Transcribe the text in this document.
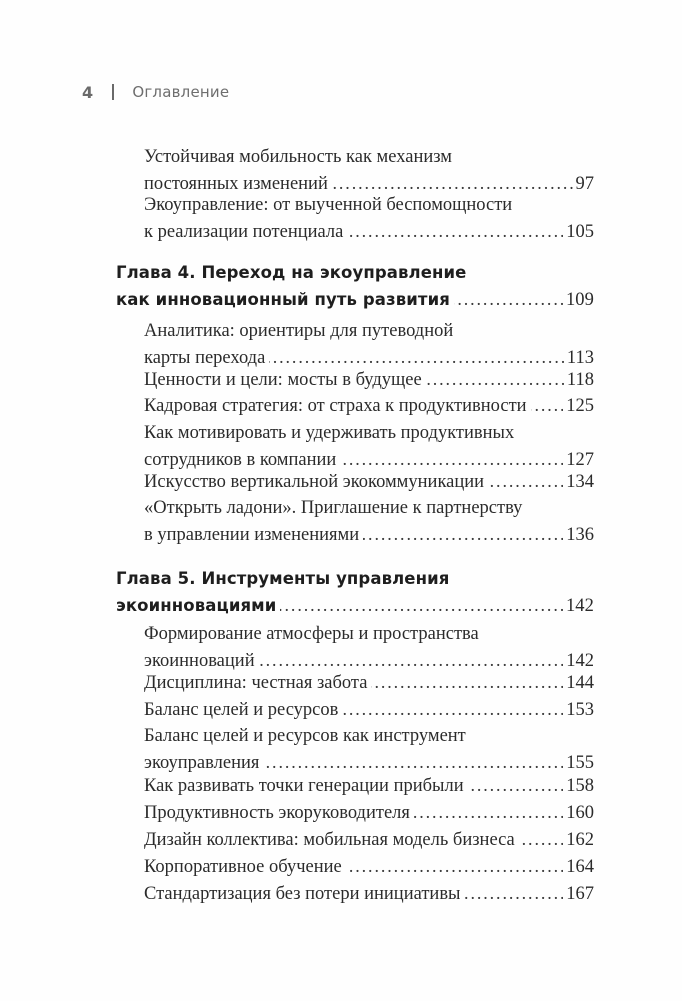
4	Оглавление
Устойчивая мобильность как механизм
постоянных изменений . . .	97
Экоуправление: от выученной беспомощности
к реализации потенциала . . .	105
Глава 4. Переход на экоуправление
как инновационный путь развития . . .	109
Аналитика: ориентиры для путеводной
карты перехода . . .	113
Ценности и цели: мосты в будущее . . .	118
Кадровая стратегия: от страха к продуктивности . . . 125
Как мотивировать и удерживать продуктивных
сотрудников в компании . . .	127
Искусство вертикальной экокоммуникации . . .	134
«Открыть ладони». Приглашение к партнерству
в управлении изменениями . . .	136
Глава 5. Инструменты управления
экоинновациями . . .	142
Формирование атмосферы и пространства
экоинноваций . . .	142
Дисциплина: честная забота . . .	144
Баланс целей и ресурсов . . .	153
Баланс целей и ресурсов как инструмент
экоуправления . . .	155
Как развивать точки генерации прибыли . . .	158
Продуктивность экоруководителя . . .	160
Дизайн коллектива: мобильная модель бизнеса . . .	162
Корпоративное обучение . . .	164
Стандартизация без потери инициативы . . .	167
